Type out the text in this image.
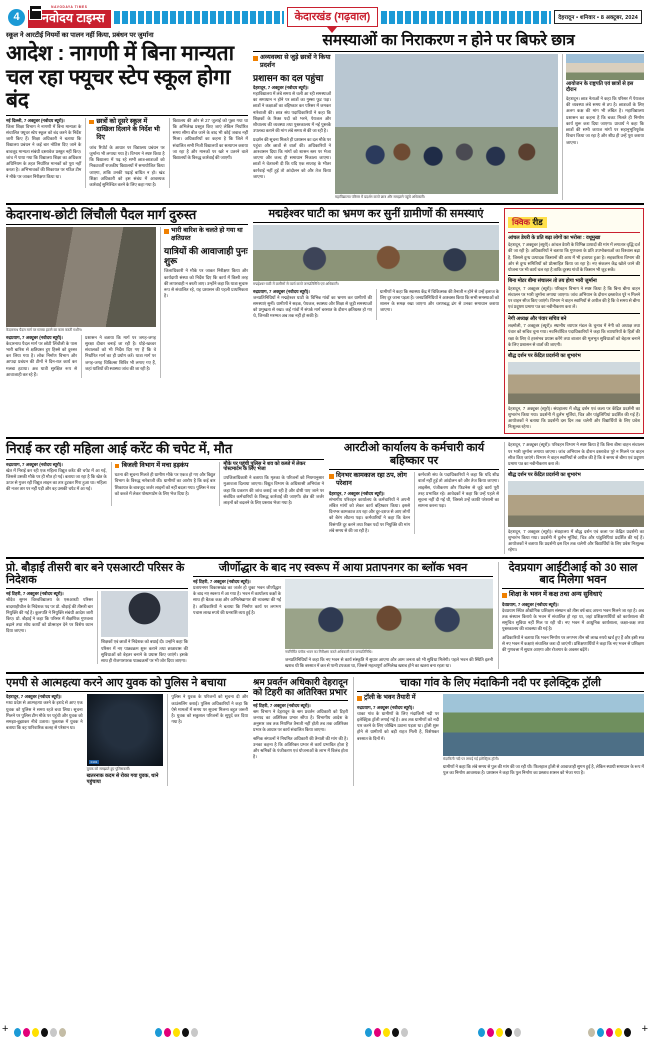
4
NAVODAYA TIMES
नवोदय टाइम्स	केदारखंड (गढ़वाल)	देहरादून • शनिवार • 8 अक्टूबर, 2024
स्कूल ने आरटीई नियमों का पालन नहीं किया, प्रबंधन पर जुर्माना
आदेश : नागणी में बिना मान्यता चल रहा फ्यूचर स्टेप स्कूल होगा बंद
नई दिल्ली, 7 अक्टूबर (नवोदय ब्यूरो)।
जिला शिक्षा विभाग ने नागणी में बिना मान्यता के संचालित फ्यूचर स्टेप स्कूल को बंद करने के निर्देश जारी किए हैं। शिक्षा अधिकारी ने बताया कि विद्यालय प्रबंधन ने कई बार नोटिस दिए जाने के बावजूद मान्यता संबंधी दस्तावेज प्रस्तुत नहीं किए। जांच में पाया गया कि विद्यालय शिक्षा का अधिकार अधिनियम के तहत निर्धारित मानकों को पूरा नहीं करता है। अभिभावकों की शिकायत पर गठित टीम ने मौके पर जाकर निरीक्षण किया था।
छात्रों को दूसरे स्कूल में दाखिला दिलाने के निर्देश भी दिए
जांच रिपोर्ट के आधार पर विद्यालय प्रबंधन पर जुर्माना भी लगाया गया है। विभाग ने स्पष्ट किया है कि विद्यालय में पढ़ रहे सभी छात्र-छात्राओं को निकटवर्ती राजकीय विद्यालयों में समायोजित किया जाएगा, ताकि उनकी पढ़ाई बाधित न हो। खंड शिक्षा अधिकारी को इस संबंध में आवश्यक कार्रवाई सुनिश्चित करने के लिए कहा गया है।
विद्यालय की ओर से 27 जुलाई को पूछा गया था कि अभिलेख प्रस्तुत किए जाएं लेकिन निर्धारित समय सीमा बीत जाने के बाद भी कोई जवाब नहीं मिला। अधिकारियों का कहना है कि जिले में संचालित सभी निजी विद्यालयों का सत्यापन कराया जा रहा है और मानकों पर खरे न उतरने वाले विद्यालयों के विरुद्ध कार्रवाई की जाएगी।
समस्याओं का निराकरण न होने पर बिफरे छात्र
अव्यवस्था से जुड़े छात्रों ने किया प्रदर्शन
प्रशासन का दल पहुंचा
देहरादून, 7 अक्टूबर (नवोदय ब्यूरो)।
महाविद्यालय में लंबे समय से चली आ रही समस्याओं का समाधान न होने पर छात्रों का गुस्सा फूट पड़ा। छात्रों ने कक्षाओं का बहिष्कार कर परिसर में जमकर नारेबाजी की। छात्र संघ पदाधिकारियों ने कहा कि शिक्षकों के रिक्त पदों को भरने, पेयजल और शौचालय की व्यवस्था तथा पुस्तकालय में नई पुस्तकें उपलब्ध कराने की मांग लंबे समय से की जा रही है।
प्रदर्शन की सूचना मिलते ही प्रशासन का दल मौके पर पहुंचा और छात्रों से वार्ता की। अधिकारियों ने आश्वासन दिया कि मांगों को शासन स्तर पर भेजा जाएगा और जल्द ही समाधान निकाला जाएगा। छात्रों ने चेतावनी दी कि यदि एक सप्ताह के भीतर कार्रवाई नहीं हुई तो आंदोलन को और तेज किया जाएगा।
महाविद्यालय परिसर में प्रदर्शन करते छात्र और समझाने पहुंचे अधिकारी।
आयोजन के राष्ट्रपति एवं छात्रों से इस दौरान
देहरादून। छात्र नेताओं ने कहा कि परिसर में पेयजल की व्यवस्था लंबे समय से ठप है। छात्राओं के लिए अलग कक्ष की मांग भी लंबित है। महाविद्यालय प्रशासन का कहना है कि बजट मिलते ही निर्माण कार्य शुरू करा दिया जाएगा। प्राचार्य ने कहा कि छात्रों की सभी जायज मांगों पर सहानुभूतिपूर्वक विचार किया जा रहा है और शीघ्र ही उन्हें पूरा कराया जाएगा।
केदारनाथ-छोटी लिंचौली पैदल मार्ग दुरुस्त
केदारनाथ पैदल मार्ग पर मलबा हटाने का काम करती मशीन।
रुद्रप्रयाग, 7 अक्टूबर (नवोदय ब्यूरो)।
केदारनाथ पैदल मार्ग पर छोटी लिंचौली के पास भारी बारिश से क्षतिग्रस्त हुए हिस्से को दुरुस्त कर लिया गया है। लोक निर्माण विभाग और आपदा प्रबंधन की टीमों ने दिन-रात कार्य कर मलबा हटाया। अब यात्री सुरक्षित रूप से आवाजाही कर रहे हैं।
प्रशासन ने बताया कि मार्ग पर जगह-जगह सुरक्षा दीवार बनाई जा रही है। घोड़े-खच्चर संचालकों को भी निर्देश दिए गए हैं कि वे निर्धारित मार्ग का ही प्रयोग करें। यात्रा मार्ग पर जगह-जगह चिकित्सा शिविर भी लगाए गए हैं, जहां यात्रियों की स्वास्थ्य जांच की जा रही है।
भारी बारिश के चलते हो गया था क्षतिग्रस्त
यात्रियों की आवाजाही पुनः शुरू
जिलाधिकारी ने मौके पर जाकर निरीक्षण किया और कार्यदायी संस्था को निर्देश दिए कि कार्य में किसी तरह की लापरवाही न बरती जाए। उन्होंने कहा कि यात्रा सुचारु रूप से संचालित रहे, यह प्रशासन की पहली प्राथमिकता है।
मद्महेश्वर घाटी का भ्रमण कर सुनीं ग्रामीणों की समस्याएं
मद्महेश्वर घाटी में ग्रामीणों से वार्ता करते जनप्रतिनिधि एवं अधिकारी।
रुद्रप्रयाग, 7 अक्टूबर (नवोदय ब्यूरो)।
जनप्रतिनिधियों ने मद्महेश्वर घाटी के विभिन्न गांवों का भ्रमण कर ग्रामीणों की समस्याएं सुनीं। ग्रामीणों ने सड़क, पेयजल, स्वास्थ्य और शिक्षा से जुड़ी समस्याओं को प्रमुखता से रखा। कई गांवों में संपर्क मार्ग बरसात के दौरान क्षतिग्रस्त हो गए थे, जिनकी मरम्मत अब तक नहीं हो सकी है।
ग्रामीणों ने कहा कि स्वास्थ्य केंद्र में चिकित्सक की तैनाती न होने से उन्हें इलाज के लिए दूर जाना पड़ता है। जनप्रतिनिधियों ने आश्वस्त किया कि सभी समस्याओं को शासन के समक्ष रखा जाएगा और चरणबद्ध ढंग से उनका समाधान कराया जाएगा।
क्विक रीड
आंचल डेयरी के प्रति बढ़ा लोगों का भरोसा : वधूमुखा
देहरादून, 7 अक्टूबर (ब्यूरो)। आंचल डेयरी के विभिन्न उत्पादों की मांग में लगातार वृद्धि दर्ज की जा रही है। अधिकारियों ने बताया कि गुणवत्ता के प्रति उपभोक्ताओं का विश्वास बढ़ा है, जिससे दुग्ध उत्पादक किसानों की आय में भी इजाफा हुआ है। सहकारिता विभाग की ओर से दुग्ध समितियों को प्रोत्साहित किया जा रहा है। नए संकलन केंद्र खोले जाने की योजना पर भी कार्य चल रहा है ताकि दूरस्थ गांवों के किसान भी जुड़ सकें।
बिना मोटर बीमा संचालन तो तय होगा भारी जुर्माना
देहरादून, 7 अक्टूबर (ब्यूरो)। परिवहन विभाग ने स्पष्ट किया है कि बिना बीमा वाहन संचालन पर भारी जुर्माना लगाया जाएगा। जांच अभियान के दौरान दस्तावेज पूरे न मिलने पर वाहन सीज किए जाएंगे। विभाग ने वाहन स्वामियों से अपील की है कि वे समय से बीमा एवं प्रदूषण प्रमाण पत्र का नवीनीकरण करा लें।
नेगी अध्यक्ष और पंवार सचिव बने
लक्ष्मोली, 7 अक्टूबर (ब्यूरो)। स्थानीय व्यापार मंडल के चुनाव में नेगी को अध्यक्ष तथा पंवार को सचिव चुना गया। नवनिर्वाचित पदाधिकारियों ने कहा कि व्यापारियों के हितों की रक्षा के लिए वे हरसंभव प्रयास करेंगे तथा बाजार की मूलभूत सुविधाओं को बेहतर बनाने के लिए प्रशासन से वार्ता की जाएगी।
बौद्ध दर्शन पर केंद्रित प्रदर्शनी का शुभारंभ
देहरादून, 7 अक्टूबर (ब्यूरो)। संग्रहालय में बौद्ध दर्शन एवं कला पर केंद्रित प्रदर्शनी का शुभारंभ किया गया। प्रदर्शनी में दुर्लभ मूर्तियां, चित्र और पांडुलिपियां प्रदर्शित की गई हैं। आयोजकों ने बताया कि प्रदर्शनी दस दिन तक चलेगी और विद्यार्थियों के लिए प्रवेश निःशुल्क रहेगा।
निराई कर रही महिला आई करेंट की चपेट में, मौत
रुद्रप्रयाग, 7 अक्टूबर (नवोदय ब्यूरो)।
खेत में निराई कर रही एक महिला विद्युत करेंट की चपेट में आ गई, जिससे उसकी मौके पर ही मौत हो गई। बताया जा रहा है कि खेत के ऊपर से गुजर रही विद्युत लाइन का तार टूटकर गिरा हुआ था। महिला की नजर तार पर नहीं पड़ी और वह उसकी चपेट में आ गई।
बिजली विभाग में मचा हड़कंप
घटना की सूचना मिलते ही ग्रामीण मौके पर एकत्र हो गए और विद्युत विभाग के विरुद्ध नारेबाजी की। ग्रामीणों का आरोप है कि कई बार शिकायत के बावजूद जर्जर लाइनों को नहीं बदला गया। पुलिस ने शव को कब्जे में लेकर पोस्टमार्टम के लिए भेज दिया है।
मौके पर पहुंची पुलिस ने शव को कब्जे में लेकर पोस्टमार्टम के लिए भेजा
उपजिलाधिकारी ने बताया कि मृतका के परिजनों को नियमानुसार मुआवजा दिलाया जाएगा। विद्युत विभाग के अधिशासी अभियंता ने कहा कि प्रकरण की जांच कराई जा रही है और दोषी पाए जाने पर संबंधित कर्मचारियों के विरुद्ध कार्रवाई की जाएगी। क्षेत्र की जर्जर लाइनों को बदलने के लिए प्रस्ताव भेजा गया है।
आरटीओ कार्यालय के कर्मचारी कार्य बहिष्कार पर
दिनभर कामकाज रहा ठप, लोग परेशान
देहरादून, 7 अक्टूबर (नवोदय ब्यूरो)।
संभागीय परिवहन कार्यालय के कर्मचारियों ने अपनी लंबित मांगों को लेकर कार्य बहिष्कार किया। इससे दिनभर कामकाज ठप रहा और दूर-दराज से आए लोगों को बैरंग लौटना पड़ा। कर्मचारियों ने कहा कि वेतन विसंगति दूर करने तथा रिक्त पदों पर नियुक्ति की मांग लंबे समय से की जा रही है।
कर्मचारी संघ के पदाधिकारियों ने कहा कि यदि शीघ्र वार्ता नहीं हुई तो आंदोलन को और तेज किया जाएगा। लाइसेंस, पंजीकरण और फिटनेस से जुड़े कार्य पूरी तरह प्रभावित रहे। आवेदकों ने कहा कि उन्हें पहले से सूचना नहीं दी गई थी, जिससे उन्हें काफी परेशानी का सामना करना पड़ा।
देहरादून, 7 अक्टूबर (ब्यूरो)। परिवहन विभाग ने स्पष्ट किया है कि बिना बीमा वाहन संचालन पर भारी जुर्माना लगाया जाएगा। जांच अभियान के दौरान दस्तावेज पूरे न मिलने पर वाहन सीज किए जाएंगे। विभाग ने वाहन स्वामियों से अपील की है कि वे समय से बीमा एवं प्रदूषण प्रमाण पत्र का नवीनीकरण करा लें।
बौद्ध दर्शन पर केंद्रित प्रदर्शनी का शुभारंभ
देहरादून, 7 अक्टूबर (ब्यूरो)। संग्रहालय में बौद्ध दर्शन एवं कला पर केंद्रित प्रदर्शनी का शुभारंभ किया गया। प्रदर्शनी में दुर्लभ मूर्तियां, चित्र और पांडुलिपियां प्रदर्शित की गई हैं। आयोजकों ने बताया कि प्रदर्शनी दस दिन तक चलेगी और विद्यार्थियों के लिए प्रवेश निःशुल्क रहेगा।
प्रो. बौड़ाई तीसरी बार बने एसआरटी परिसर के निदेशक
नई टिहरी, 7 अक्टूबर (नवोदय ब्यूरो)।
श्रीदेव सुमन विश्वविद्यालय के एसआरटी परिसर बादशाहीथौल के निदेशक पद पर प्रो. बौड़ाई की तीसरी बार नियुक्ति की गई है। कुलपति ने नियुक्ति संबंधी आदेश जारी किए। प्रो. बौड़ाई ने कहा कि परिसर में शैक्षणिक गुणवत्ता बढ़ाने तथा शोध कार्यों को प्रोत्साहन देने पर विशेष ध्यान दिया जाएगा।
शिक्षकों एवं छात्रों ने निदेशक को बधाई दी। उन्होंने कहा कि परिसर में नए पाठ्यक्रम शुरू कराने तथा छात्रावास की सुविधाओं को बेहतर बनाने के प्रयास किए जाएंगे। इसके साथ ही रोजगारपरक पाठ्यक्रमों पर भी जोर दिया जाएगा।
जीर्णोद्धार के बाद नए स्वरूप में आया प्रतापनगर का ब्लॉक भवन
नई टिहरी, 7 अक्टूबर (नवोदय ब्यूरो)।
प्रतापनगर विकासखंड का जर्जर हो चुका भवन जीर्णोद्धार के बाद नए स्वरूप में आ गया है। भवन में कार्यालय कक्षों के साथ ही बैठक कक्ष और अभिलेखागार की व्यवस्था की गई है। अधिकारियों ने बताया कि निर्माण कार्य पर लगभग पचास लाख रुपये की धनराशि व्यय हुई है।
नवनिर्मित ब्लॉक भवन का निरीक्षण करते अधिकारी एवं जनप्रतिनिधि।
जनप्रतिनिधियों ने कहा कि नए भवन से कार्य संस्कृति में सुधार आएगा और आम जनता को भी सुविधा मिलेगी। पहले भवन की स्थिति इतनी खराब थी कि बरसात में छत से पानी टपकता था, जिससे महत्वपूर्ण अभिलेख खराब होने का खतरा बना रहता था।
देवप्रयाग आईटीआई को 30 साल बाद मिलेगा भवन
शिक्षा के भवन में कक्ष तथा अन्य सुविधाएं
देवप्रयाग, 7 अक्टूबर (नवोदय ब्यूरो)।
देवप्रयाग स्थित औद्योगिक प्रशिक्षण संस्थान को तीस वर्ष बाद अपना भवन मिलने जा रहा है। अब तक संस्थान किराये के भवन में संचालित हो रहा था, जहां प्रशिक्षणार्थियों को कार्यशाला की समुचित सुविधा नहीं मिल पा रही थी। नए भवन में आधुनिक कार्यशाला, कक्षा-कक्ष तथा पुस्तकालय की व्यवस्था की गई है।
अधिकारियों ने बताया कि भवन निर्माण पर लगभग तीन सौ लाख रुपये खर्च हुए हैं और इसी सत्र से नए भवन में कक्षाएं संचालित करा दी जाएंगी। प्रशिक्षणार्थियों ने कहा कि नए भवन से प्रशिक्षण की गुणवत्ता में सुधार आएगा और रोजगार के अवसर बढ़ेंगे।
एमपी से आत्महत्या करने आए युवक को पुलिस ने बचाया
देहरादून, 7 अक्टूबर (नवोदय ब्यूरो)।
मध्य प्रदेश से आत्महत्या करने के इरादे से आए एक युवक को पुलिस ने समय रहते बचा लिया। सूचना मिलने पर पुलिस टीम मौके पर पहुंची और युवक को समझा-बुझाकर नीचे उतारा। पूछताछ में युवक ने बताया कि वह पारिवारिक कलह से परेशान था।
0101
युवक को समझाते हुए पुलिसकर्मी।
खतरनाक कदम से रोका गया युवक, थाने पहुंचाया
पुलिस ने युवक के परिजनों को सूचना दी और काउंसलिंग कराई। पुलिस अधिकारियों ने कहा कि ऐसे मामलों में समय पर सूचना मिलना बहुत जरूरी है। युवक को सकुशल परिजनों के सुपुर्द कर दिया गया है।
श्रम प्रवर्तन अधिकारी देहरादून को टिहरी का अतिरिक्त प्रभार
नई टिहरी, 7 अक्टूबर (नवोदय ब्यूरो)।
श्रम विभाग ने देहरादून के श्रम प्रवर्तन अधिकारी को टिहरी जनपद का अतिरिक्त प्रभार सौंपा है। विभागीय आदेश के अनुसार जब तक नियमित तैनाती नहीं होती तब तक अतिरिक्त प्रभार के आधार पर कार्य संचालित किया जाएगा।
श्रमिक संगठनों ने नियमित अधिकारी की तैनाती की मांग की है। उनका कहना है कि अतिरिक्त प्रभार से कार्य प्रभावित होता है और श्रमिकों के पंजीकरण एवं योजनाओं के लाभ में विलंब होता है।
चाका गांव के लिए मंदाकिनी नदी पर इलेक्ट्रिक ट्रॉली
ट्रॉली के भवन तैयारी में
रुद्रप्रयाग, 7 अक्टूबर (नवोदय ब्यूरो)।
चाका गांव के ग्रामीणों के लिए मंदाकिनी नदी पर इलेक्ट्रिक ट्रॉली लगाई गई है। अब तक ग्रामीणों को नदी पार करने के लिए जोखिम उठाना पड़ता था। ट्रॉली शुरू होने से ग्रामीणों को बड़ी राहत मिली है, विशेषकर बरसात के दिनों में।
मंदाकिनी नदी पर लगाई गई इलेक्ट्रिक ट्रॉली।
ग्रामीणों ने कहा कि लंबे समय से पुल की मांग की जा रही थी। फिलहाल ट्रॉली से आवाजाही सुगम हुई है, लेकिन स्थायी समाधान के रूप में पुल का निर्माण आवश्यक है। प्रशासन ने कहा कि पुल निर्माण का प्रस्ताव शासन को भेजा गया है।
+	+
